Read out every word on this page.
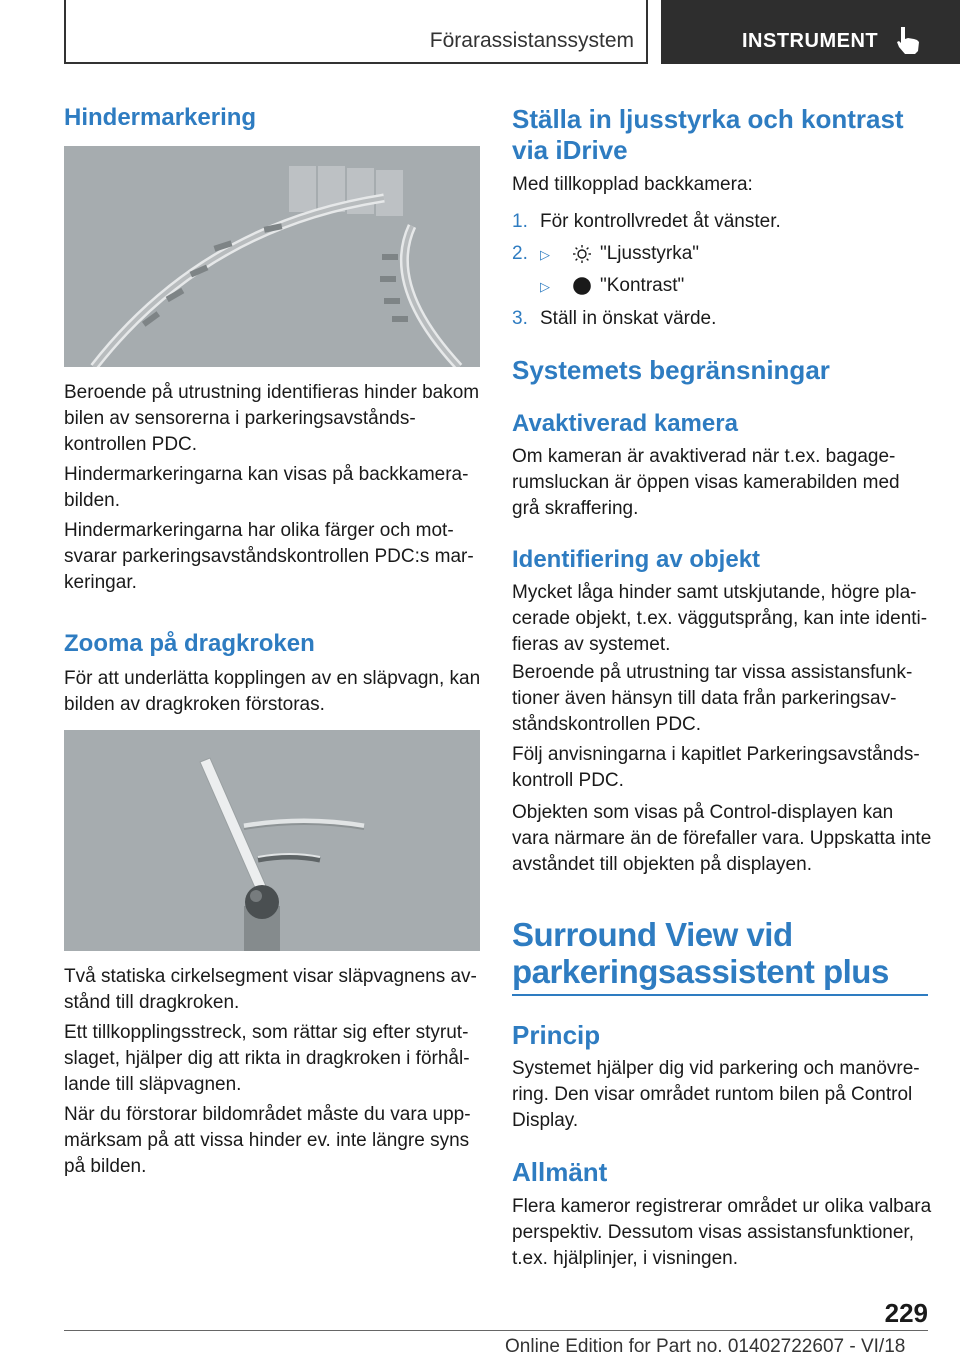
Förarassistanssystem	INSTRUMENT
Hindermarkering
Beroende på utrustning identifieras hinder bakom bilen av sensorerna i parkeringsavstånds-kontrollen PDC.
Hindermarkeringarna kan visas på backkamera-bilden.
Hindermarkeringarna har olika färger och mot-svarar parkeringsavståndskontrollen PDC:s mar-keringar.
Zooma på dragkroken
För att underlätta kopplingen av en släpvagn, kan bilden av dragkroken förstoras.
Två statiska cirkelsegment visar släpvagnens av-stånd till dragkroken.
Ett tillkopplingsstreck, som rättar sig efter styrut-slaget, hjälper dig att rikta in dragkroken i förhål-lande till släpvagnen.
När du förstorar bildområdet måste du vara upp-märksam på att vissa hinder ev. inte längre syns på bilden.
Ställa in ljusstyrka och kontrast via iDrive
Med tillkopplad backkamera:
1. För kontrollvredet åt vänster.
2. ▷	"Ljusstyrka"
▷	"Kontrast"
3. Ställ in önskat värde.
Systemets begränsningar
Avaktiverad kamera
Om kameran är avaktiverad när t.ex. bagage-rumsluckan är öppen visas kamerabilden med grå skraffering.
Identifiering av objekt
Mycket låga hinder samt utskjutande, högre pla-cerade objekt, t.ex. väggutsprång, kan inte identi-fieras av systemet.
Beroende på utrustning tar vissa assistansfunk-tioner även hänsyn till data från parkeringsav-ståndskontrollen PDC.
Följ anvisningarna i kapitlet Parkeringsavstånds-kontroll PDC.
Objekten som visas på Control-displayen kan vara närmare än de förefaller vara. Uppskatta inte avståndet till objekten på displayen.
Surround View vid
parkeringsassistent plus
Princip
Systemet hjälper dig vid parkering och manövre-ring. Den visar området runtom bilen på Control Display.
Allmänt
Flera kameror registrerar området ur olika valbara perspektiv. Dessutom visas assistansfunktioner, t.ex. hjälplinjer, i visningen.
229
Online Edition for Part no. 01402722607 - VI/18
